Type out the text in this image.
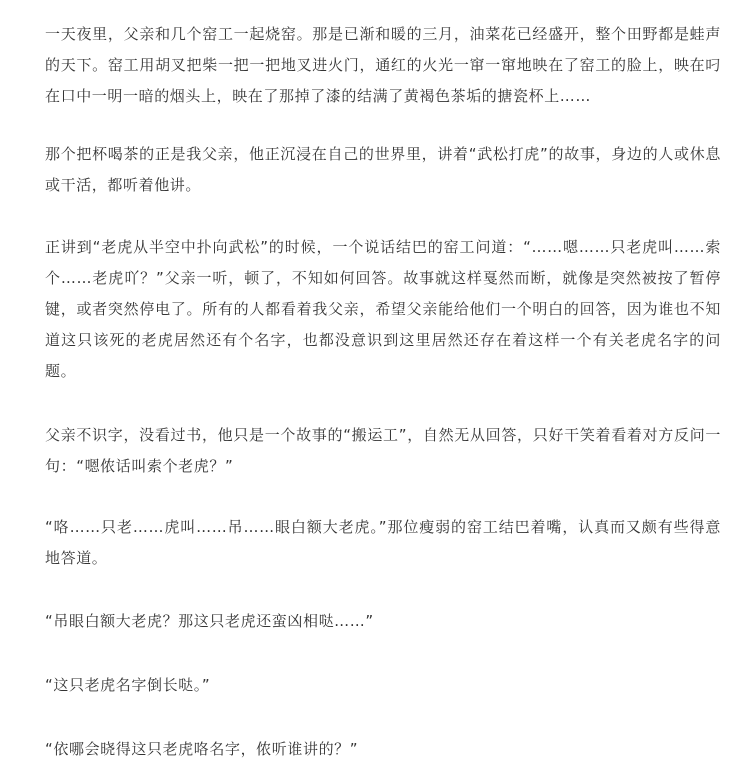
一天夜里，父亲和几个窑工一起烧窑。那是已渐和暖的三月，油菜花已经盛开，整个田野都是蛙声的天下。窑工用胡叉把柴一把一把地叉进火门，通红的火光一窜一窜地映在了窑工的脸上，映在叼在口中一明一暗的烟头上，映在了那掉了漆的结满了黄褐色茶垢的搪瓷杯上……

那个把杯喝茶的正是我父亲，他正沉浸在自己的世界里，讲着“武松打虎”的故事，身边的人或休息或干活，都听着他讲。

正讲到“老虎从半空中扑向武松”的时候，一个说话结巴的窑工问道：“……嗯……只老虎叫……索个……老虎吖？”父亲一听，顿了，不知如何回答。故事就这样戛然而断，就像是突然被按了暂停键，或者突然停电了。所有的人都看着我父亲，希望父亲能给他们一个明白的回答，因为谁也不知道这只该死的老虎居然还有个名字，也都没意识到这里居然还存在着这样一个有关老虎名字的问题。

父亲不识字，没看过书，他只是一个故事的“搬运工”，自然无从回答，只好干笑着看着对方反问一句：“嗯侬话叫索个老虎？”

“咯……只老……虎叫……吊……眼白额大老虎。”那位瘦弱的窑工结巴着嘴，认真而又颇有些得意地答道。

“吊眼白额大老虎？那这只老虎还蛮凶相哒……”

“这只老虎名字倒长哒。”

“依哪会晓得这只老虎咯名字，侬听谁讲的？”
